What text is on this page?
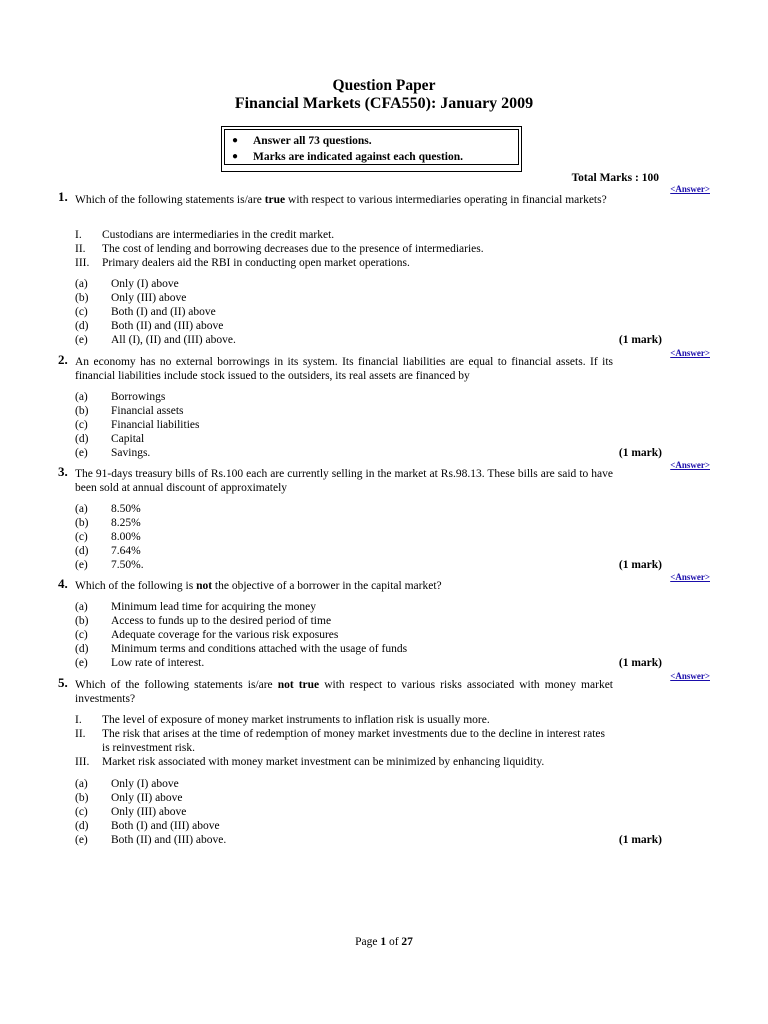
Question Paper
Financial Markets (CFA550): January 2009
● Answer all 73 questions.
● Marks are indicated against each question.
Total Marks : 100
1.	<Answer>
Which of the following statements is/are true with respect to various intermediaries operating in financial markets?
I. Custodians are intermediaries in the credit market.
II. The cost of lending and borrowing decreases due to the presence of intermediaries.
III. Primary dealers aid the RBI in conducting open market operations.
(a) Only (I) above
(b) Only (III) above
(c) Both (I) and (II) above
(d) Both (II) and (III) above
(e) All (I), (II) and (III) above.	(1 mark)
<Answer>
2. An economy has no external borrowings in its system. Its financial liabilities are equal to financial assets. If its financial liabilities include stock issued to the outsiders, its real assets are financed by
(a) Borrowings
(b) Financial assets
(c) Financial liabilities
(d) Capital
(e) Savings.	(1 mark)
<Answer>
3. The 91-days treasury bills of Rs.100 each are currently selling in the market at Rs.98.13. These bills are said to have been sold at annual discount of approximately
(a) 8.50%
(b) 8.25%
(c) 8.00%
(d) 7.64%
(e) 7.50%.	(1 mark)
<Answer>
4. Which of the following is not the objective of a borrower in the capital market?
(a) Minimum lead time for acquiring the money
(b) Access to funds up to the desired period of time
(c) Adequate coverage for the various risk exposures
(d) Minimum terms and conditions attached with the usage of funds
(e) Low rate of interest.	(1 mark)
<Answer>
5. Which of the following statements is/are not true with respect to various risks associated with money market investments?
I. The level of exposure of money market instruments to inflation risk is usually more.
II. The risk that arises at the time of redemption of money market investments due to the decline in interest rates is reinvestment risk.
III. Market risk associated with money market investment can be minimized by enhancing liquidity.
(a) Only (I) above
(b) Only (II) above
(c) Only (III) above
(d) Both (I) and (III) above
(e) Both (II) and (III) above.	(1 mark)
Page 1 of 27
